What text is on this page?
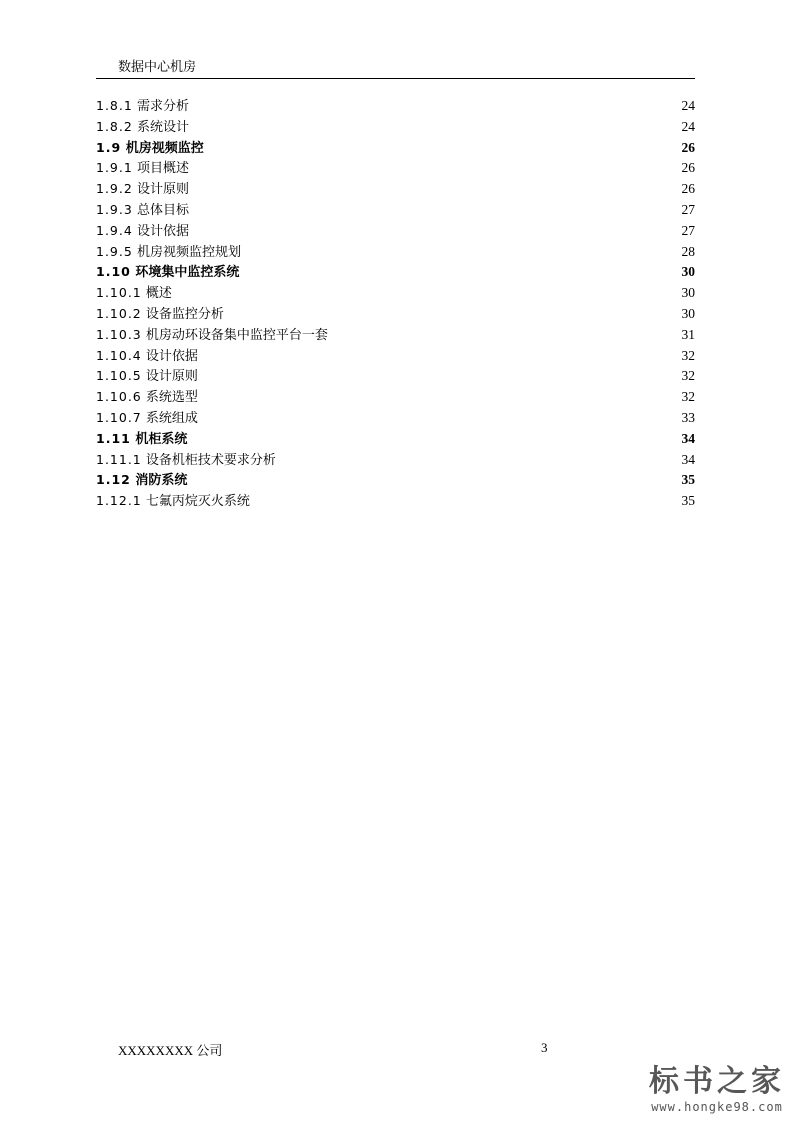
数据中心机房
1.8.1 需求分析	24
1.8.2 系统设计	24
1.9 机房视频监控	26
1.9.1 项目概述	26
1.9.2 设计原则	26
1.9.3 总体目标	27
1.9.4 设计依据	27
1.9.5 机房视频监控规划	28
1.10 环境集中监控系统	30
1.10.1 概述	30
1.10.2 设备监控分析	30
1.10.3 机房动环设备集中监控平台一套	31
1.10.4 设计依据	32
1.10.5 设计原则	32
1.10.6 系统选型	32
1.10.7 系统组成	33
1.11 机柜系统	34
1.11.1 设备机柜技术要求分析	34
1.12 消防系统	35
1.12.1 七氟丙烷灭火系统	35
XXXXXXXX 公司	3
标书之家
www.hongke98.com
